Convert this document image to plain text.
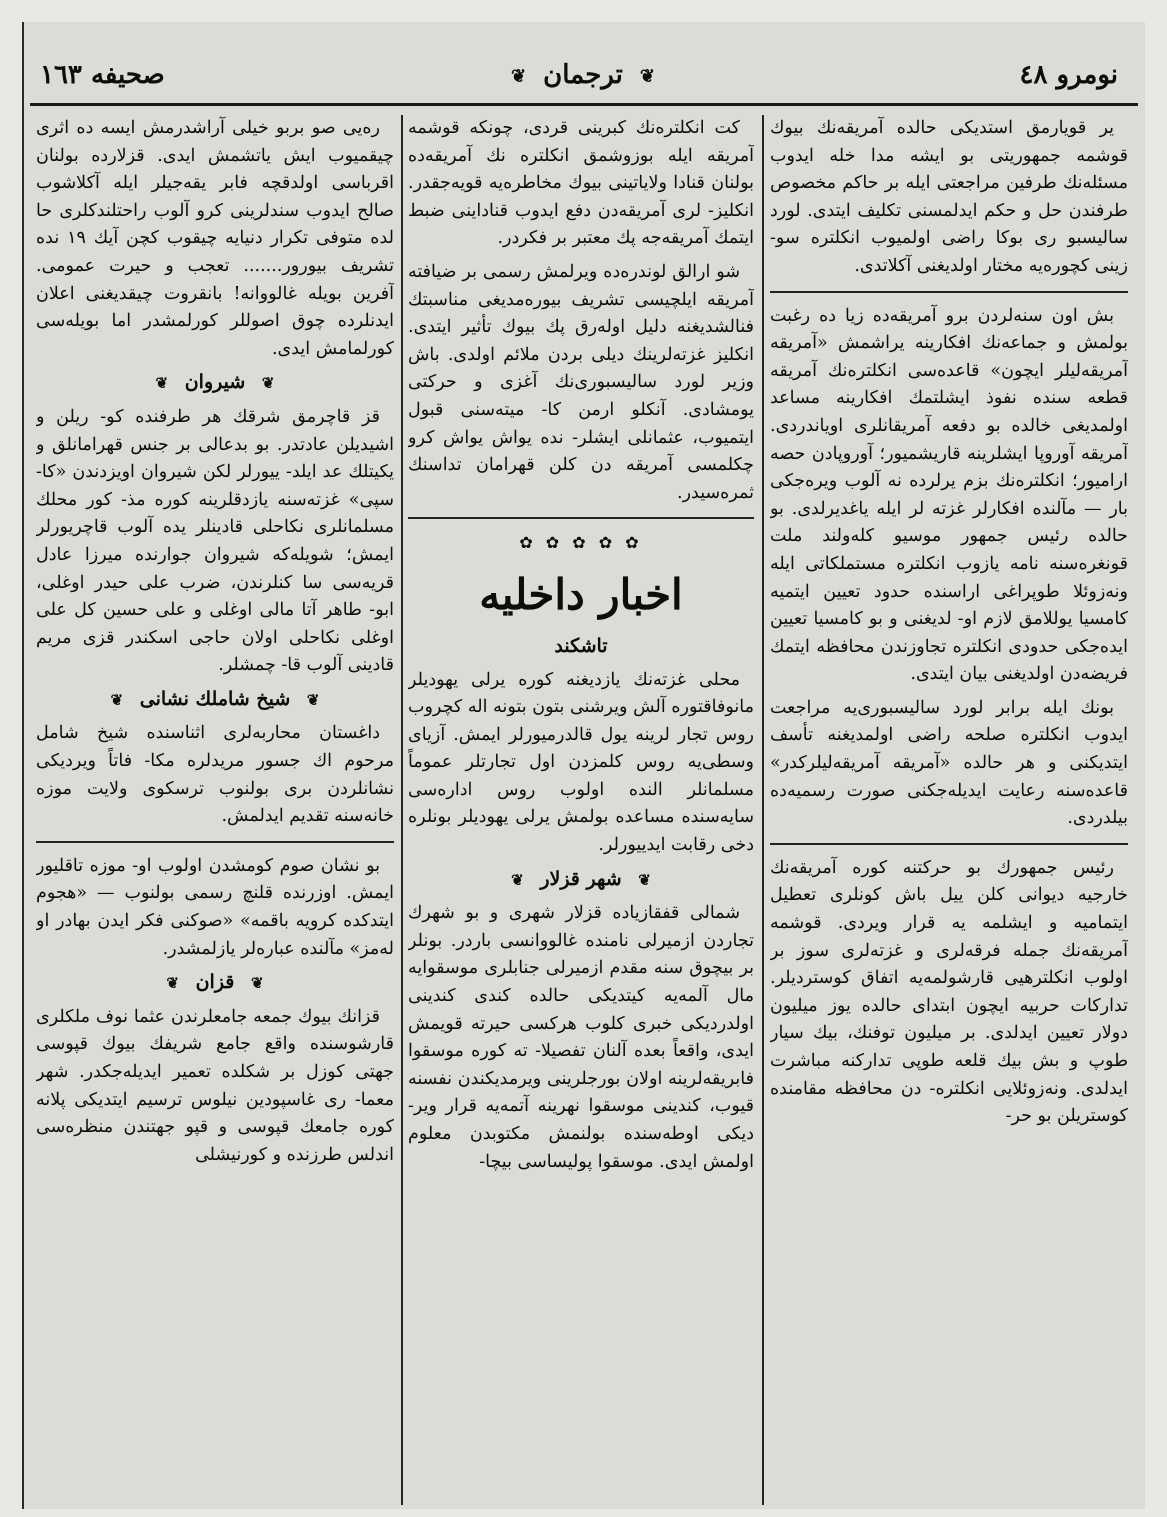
نومرو ٤٨
❦ ترجمان ❦
صحیفه ١٦٣

یر قویارمق استدیکی حالده آمریقه‌نك بیوك قوشمه جمهوریتی بو ایشه مدا خله ایدوب مسئله‌نك طرفین مراجعتی ایله بر حاکم مخصوص طرفندن حل و حکم ایدلمسنی تکلیف ایتدی. لورد سالیسبو ری بوکا راضی اولمیوب انکلتره سو- زینی کچوره‌یه مختار اولدیغنی آکلاتدی.

بش اون سنه‌لردن برو آمریقه‌ده زیا ده رغبت بولمش و جماعه‌نك افکارینه یراشمش «آمریقه آمریقه‌لیلر ایچون» قاعده‌سی انکلتره‌نك آمریقه قطعه سنده نفوذ ایشلتمك افکارینه مساعد اولمدیغی خالده بو دفعه آمریقانلری اویاندردی. آمریقه آوروپا ایشلرینه قاریشمیور؛ آوروپادن حصه ارامیور؛ انکلتره‌نك بزم یرلرده نه آلوب ویره‌جکی بار — مآلنده افکارلر غزته لر ایله یاغدیرلدی. بو حالده رئیس جمهور موسیو کله‌ولند ملت قونغره‌سنه نامه یازوب انکلتره مستملکاتی ایله ونه‌زوئلا طوپراغی اراسنده حدود تعیین ایتمیه کامسیا یوللامق لازم او- لدیغنی و بو کامسیا تعیین ایده‌جکی حدودی انکلتره تجاوزندن محافظه ایتمك فریضه‌دن اولدیغنی بیان ایتدی.

بونك ایله برابر لورد سالیسبوری‌یه مراجعت ایدوب انکلتره صلحه راضی اولمدیغنه تأسف ایتدیکنی و هر حالده «آمریقه آمریقه‌لیلرکدر» قاعده‌سنه رعایت ایدیله‌جکنی صورت رسمیه‌ده بیلدردی.

رئیس جمهورك بو حرکتنه کوره آمریقه‌نك خارجیه دیوانی کلن ییل باش کونلری تعطیل ایتمامیه و ایشلمه یه قرار ویردی. قوشمه آمریقه‌نك جمله فرقه‌لری و غزته‌لری سوز بر اولوب انکلترهیی قارشولمه‌یه اتفاق کوستردیلر. تدارکات حربیه ایچون ابتدای حالده یوز میلیون دولار تعیین ایدلدی. بر میلیون توفنك، بیك سیار طوپ و بش بیك قلعه طوپی تدارکنه مباشرت ایدلدی. ونه‌زوئلایی انکلتره- دن محافظه مقامنده کوستریلن بو حر-

کت انکلتره‌نك کبرینی قردی، چونکه قوشمه آمریقه ایله بوزوشمق انکلتره نك آمریقه‌ده بولنان قنادا ولایاتینی بیوك مخاطره‌یه قویه‌جقدر. انکلیز- لری آمریقه‌دن دفع ایدوب قناداینی ضبط ایتمك آمریقه‌جه پك معتبر بر فکردر.

شو ارالق لوندره‌ده ویرلمش رسمی بر ضیافته آمریقه ایلچیسی تشریف بیوره‌مدیغی مناسبتك فنالشدیغنه دلیل اوله‌رق پك بیوك تأثیر ایتدی. انکلیز غزته‌لرینك دیلی بردن ملائم اولدی. باش وزیر لورد سالیسبوری‌نك آغزی و حرکتی یومشادی. آنکلو ارمن کا- میته‌سنی قبول ایتمیوب، عثمانلی ایشلر- نده یواش یواش کرو چکلمسی آمریقه دن کلن قهرامان تداسنك ثمره‌سیدر.

✿ ✿ ✿ ✿ ✿
اخبار داخلیه
تاشکند

محلی غزته‌نك یازدیغنه کوره یرلی یهودیلر مانوفاقتوره آلش ویرشنی بتون بتونه اله کچروب روس تجار لرینه یول قالدرمیورلر ایمش. آزیای وسطی‌یه روس کلمزدن اول تجارتلر عموماً مسلمانلر النده اولوب روس اداره‌سی سایه‌سنده مساعده بولمش یرلی یهودیلر بونلره دخی رقابت ایدییورلر.

❦ شهر قزلار ❦

شمالی قفقازیاده قزلار شهری و بو شهرك تجاردن ازمیرلی نامنده غالووانسی باردر. بونلر بر بیچوق سنه مقدم ازمیرلی جنابلری موسقوایه مال آلمه‌یه کیتدیکی حالده کندی کندینی اولدردیکی خبری کلوب هرکسی حیرته قویمش ایدی، واقعاً بعده آلنان تفصیلا- ته کوره موسقوا فابریقه‌لرینه اولان بورجلرینی ویرمدیکندن نفسنه قیوب، کندینی موسقوا نهرینه آتمه‌یه قرار ویر- دیکی اوطه‌سنده بولنمش مکتوبدن معلوم اولمش ایدی. موسقوا پولیساسی بیچا-

ره‌یی صو بربو خیلی آراشدرمش ایسه ده اثری چیقمیوب ایش یاتشمش ایدی. قزلارده بولنان اقرباسی اولدقچه فابر یقه‌جیلر ایله آکلاشوب صالح ایدوب سندلرینی کرو آلوب راحتلندکلری حا لده متوفی تکرار دنیایه چیقوب کچن آیك ١٩ نده تشریف بیورور....... تعجب و حیرت عمومی. آفرین بویله غالووانه! بانقروت چیقدیغنی اعلان ایدنلرده چوق اصوللر کورلمشدر اما بویله‌سی کورلمامش ایدی.

❦ شیروان ❦

قز قاچرمق شرقك هر طرفنده کو- ریلن و اشیدیلن عادتدر. بو بدعالی بر جنس قهرامانلق و یکیتلك عد ایلد- ییورلر لکن شیروان اویزدندن «کا- سپی» غزته‌سنه یازدقلرینه کوره مذ- کور محلك مسلمانلری نکاحلی قادینلر یده آلوب قاچریورلر ایمش؛ شویله‌که شیروان جوارنده میرزا عادل قریه‌سی سا کنلرندن، ضرب علی حیدر اوغلی، ابو- طاهر آتا مالی اوغلی و علی حسین کل علی اوغلی نکاحلی اولان حاجی اسکندر قزی مریم قادینی آلوب قا- چمشلر.

❦ شیخ شاملك نشانی ❦

داغستان محاربه‌لری اثناسنده شیخ شامل مرحوم اك جسور مریدلره مکا- فاتاً ویردیکی نشانلردن بری بولنوب ترسکوی ولایت موزه خانه‌سنه تقدیم ایدلمش.

بو نشان صوم کومشدن اولوب او- موزه تاقلیور ایمش. اوزرنده قلنچ رسمی بولنوب — «هجوم ایتدکده کرویه باقمه» «صوکنی فکر ایدن بهادر او له‌مز» مآلنده عباره‌لر یازلمشدر.

❦ قزان ❦

قزانك بیوك جمعه جامعلرندن عثما نوف ملکلری قارشوسنده واقع جامع شریفك بیوك قپوسی جهتی کوزل بر شکلده تعمیر ایدیله‌جکدر. شهر معما- ری غاسپودین نیلوس ترسیم ایتدیکی پلانه کوره جامعك قپوسی و قپو جهتندن منظره‌سی اندلس طرزنده و کورنیشلی
